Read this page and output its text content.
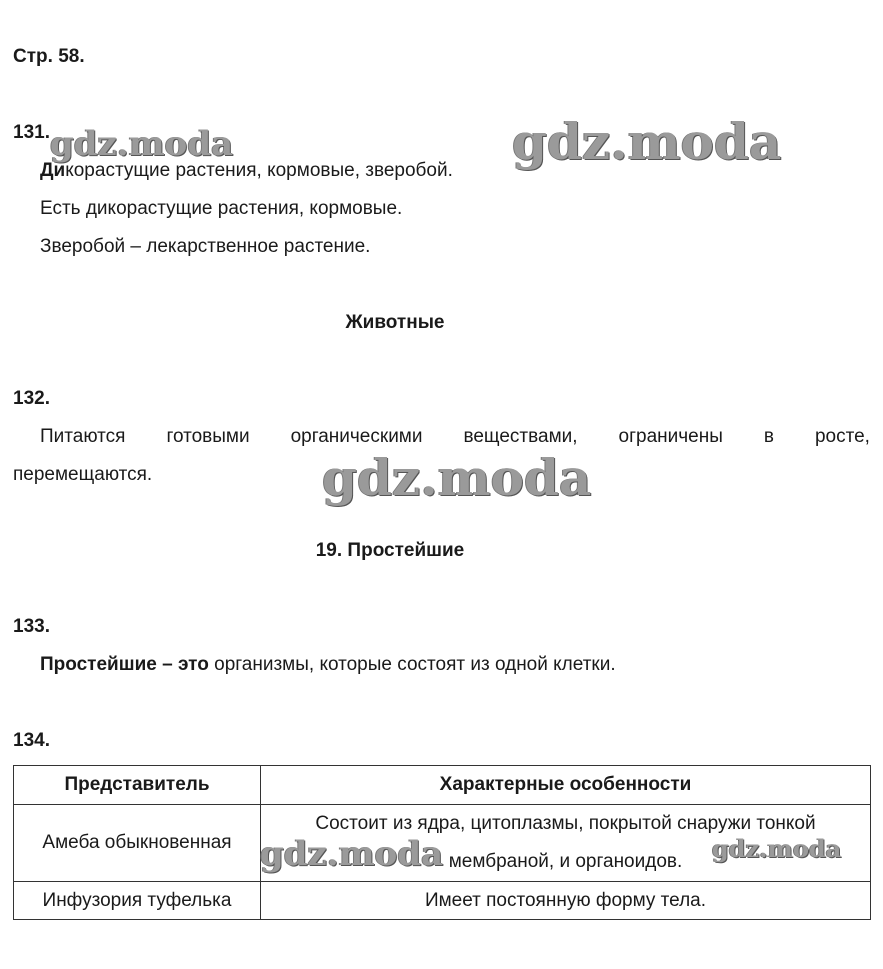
Стр. 58.
131.
Дикорастущие растения, кормовые, зверобой.
Есть дикорастущие растения, кормовые.
Зверобой – лекарственное растение.
Животные
132.
Питаются готовыми органическими веществами, ограничены в росте,
перемещаются.
19. Простейшие
133.
Простейшие – это организмы, которые состоят из одной клетки.
134.
Представитель	Характерные особенности
Амеба обыкновенная	Состоит из ядра, цитоплазмы, покрытой снаружи тонкой
мембраной, и органоидов.

Инфузория туфелька	Имеет постоянную форму тела.
gdz.moda	gdz.moda
gdz.moda
gdz.moda	gdz.moda
